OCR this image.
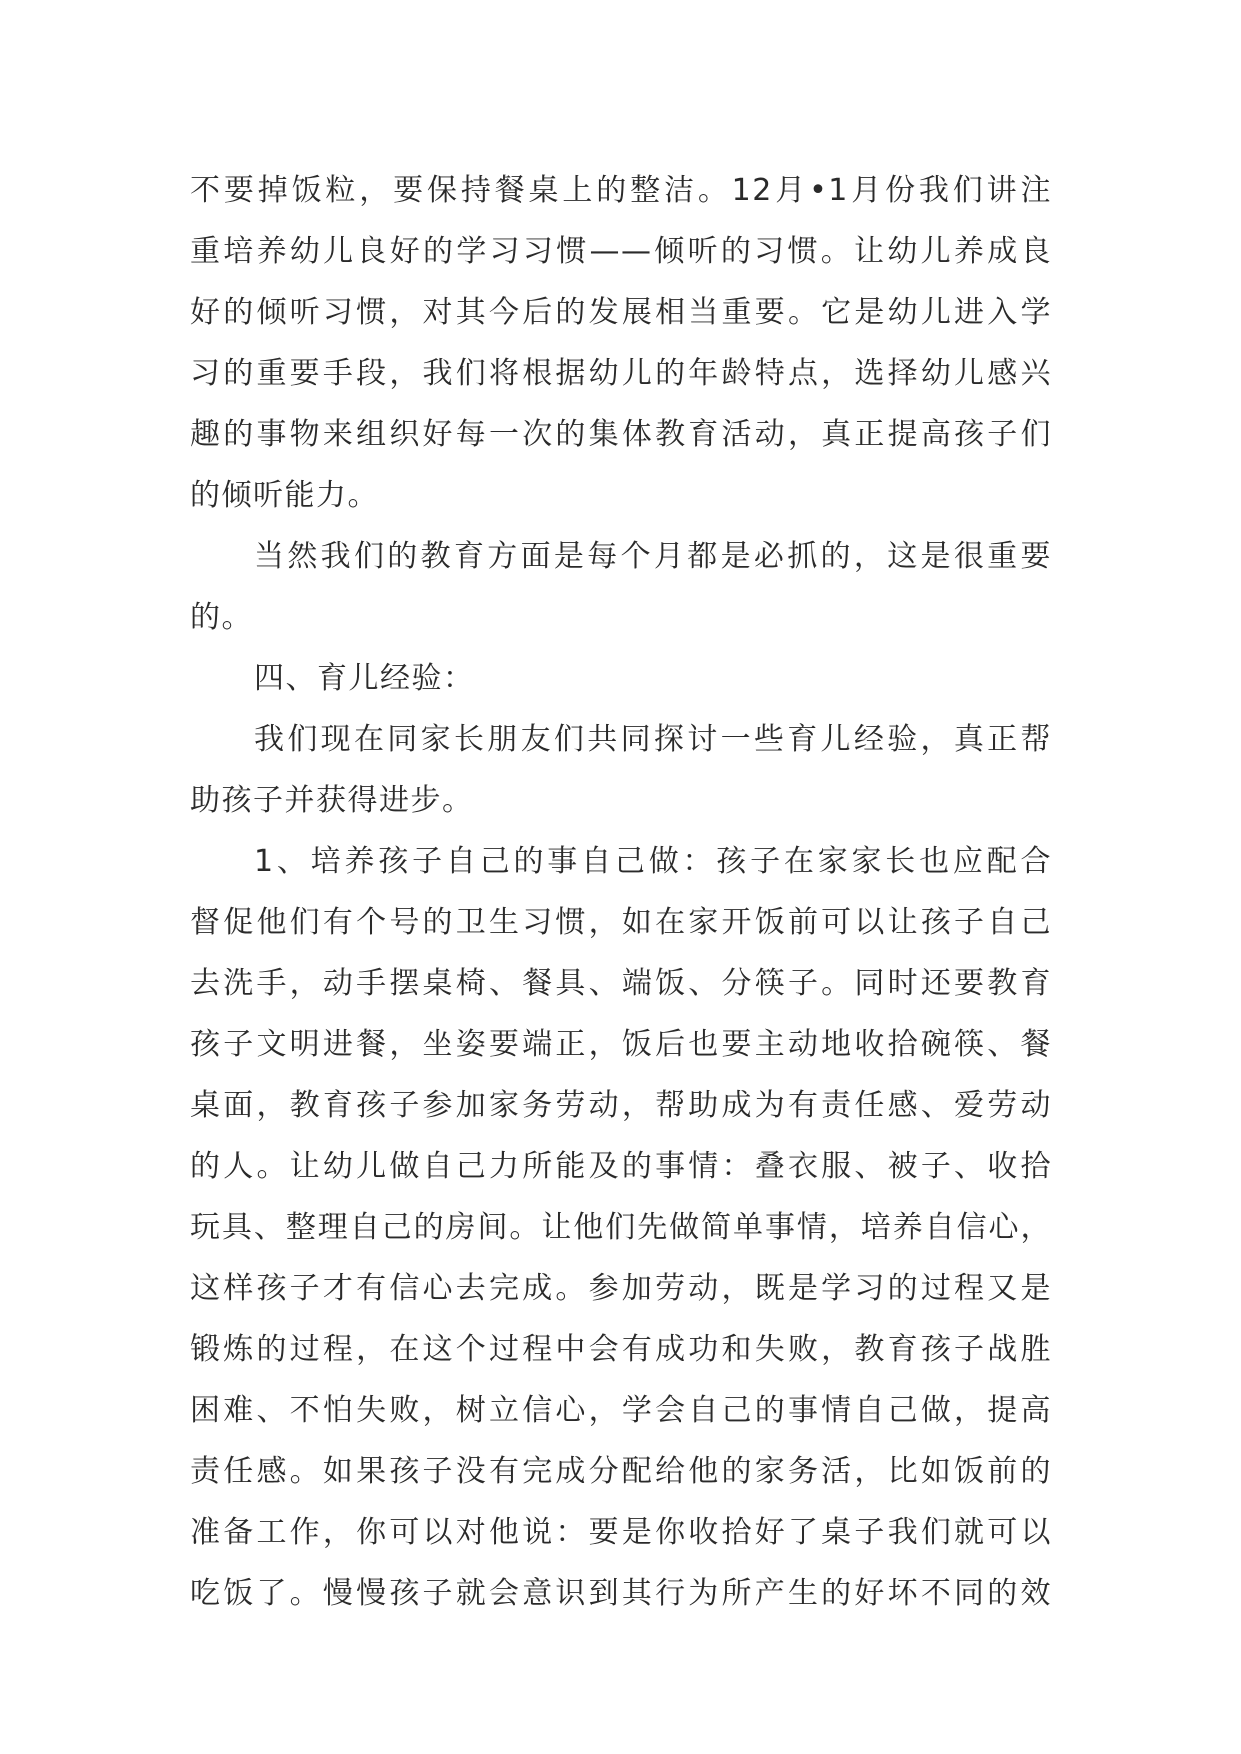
不要掉饭粒，要保持餐桌上的整洁。12月•1月份我们讲注
重培养幼儿良好的学习习惯——倾听的习惯。让幼儿养成良
好的倾听习惯，对其今后的发展相当重要。它是幼儿进入学
习的重要手段，我们将根据幼儿的年龄特点，选择幼儿感兴
趣的事物来组织好每一次的集体教育活动，真正提高孩子们
的倾听能力。
当然我们的教育方面是每个月都是必抓的，这是很重要
的。
四、育儿经验：
我们现在同家长朋友们共同探讨一些育儿经验，真正帮
助孩子并获得进步。
1、培养孩子自己的事自己做：孩子在家家长也应配合
督促他们有个号的卫生习惯，如在家开饭前可以让孩子自己
去洗手，动手摆桌椅、餐具、端饭、分筷子。同时还要教育
孩子文明进餐，坐姿要端正，饭后也要主动地收拾碗筷、餐
桌面，教育孩子参加家务劳动，帮助成为有责任感、爱劳动
的人。让幼儿做自己力所能及的事情：叠衣服、被子、收拾
玩具、整理自己的房间。让他们先做简单事情，培养自信心，
这样孩子才有信心去完成。参加劳动，既是学习的过程又是
锻炼的过程，在这个过程中会有成功和失败，教育孩子战胜
困难、不怕失败，树立信心，学会自己的事情自己做，提高
责任感。如果孩子没有完成分配给他的家务活，比如饭前的
准备工作，你可以对他说：要是你收拾好了桌子我们就可以
吃饭了。慢慢孩子就会意识到其行为所产生的好坏不同的效
